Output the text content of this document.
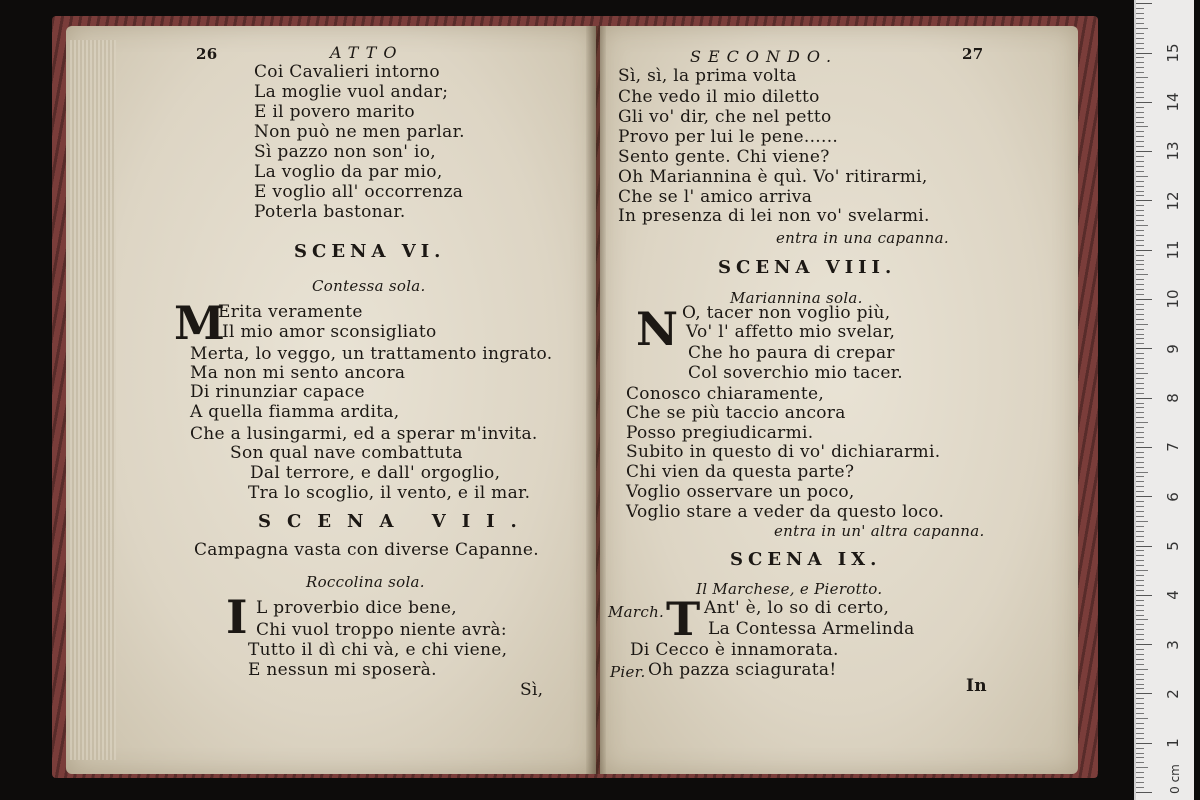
26	ATTO
Coi Cavalieri intorno
La moglie vuol andar;
E il povero marito
Non può ne men parlar.
Sì pazzo non son' io,
La voglio da par mio,
E voglio all' occorrenza
Poterla bastonar.
SCENA VI.
Contessa sola.
M
Erita veramente
Il mio amor sconsigliato
Merta, lo veggo, un trattamento ingrato.
Ma non mi sento ancora
Di rinunziar capace
A quella fiamma ardita,
Che a lusingarmi, ed a sperar m'invita.
Son qual nave combattuta
Dal terrore, e dall' orgoglio,
Tra lo scoglio, il vento, e il mar.
SCENA VII.
Campagna vasta con diverse Capanne.
Roccolina sola.
I L proverbio dice bene,
Chi vuol troppo niente avrà:
Tutto il dì chi và, e chi viene,
E nessun mi sposerà.
Sì,
SECONDO.	27
Sì, sì, la prima volta
Che vedo il mio diletto
Gli vo' dir, che nel petto
Provo per lui le pene......
Sento gente. Chi viene?
Oh Mariannina è quì. Vo' ritirarmi,
Che se l' amico arriva
In presenza di lei non vo' svelarmi.
entra in una capanna.
SCENA VIII.
Mariannina sola.
N O, tacer non voglio più,
Vo' l' affetto mio svelar,
Che ho paura di crepar
Col soverchio mio tacer.
Conosco chiaramente,
Che se più taccio ancora
Posso pregiudicarmi.
Subito in questo di vo' dichiararmi.
Chi vien da questa parte?
Voglio osservare un poco,
Voglio stare a veder da questo loco.
entra in un' altra capanna.
SCENA IX.
Il Marchese, e Pierotto.
March. T Ant' è, lo so di certo,
La Contessa Armelinda
Di Cecco è innamorata.
Pier. Oh pazza sciagurata!
In
1
2
3
4
5
6
7
8
9
10
11
12
13
14
15
0 cm
